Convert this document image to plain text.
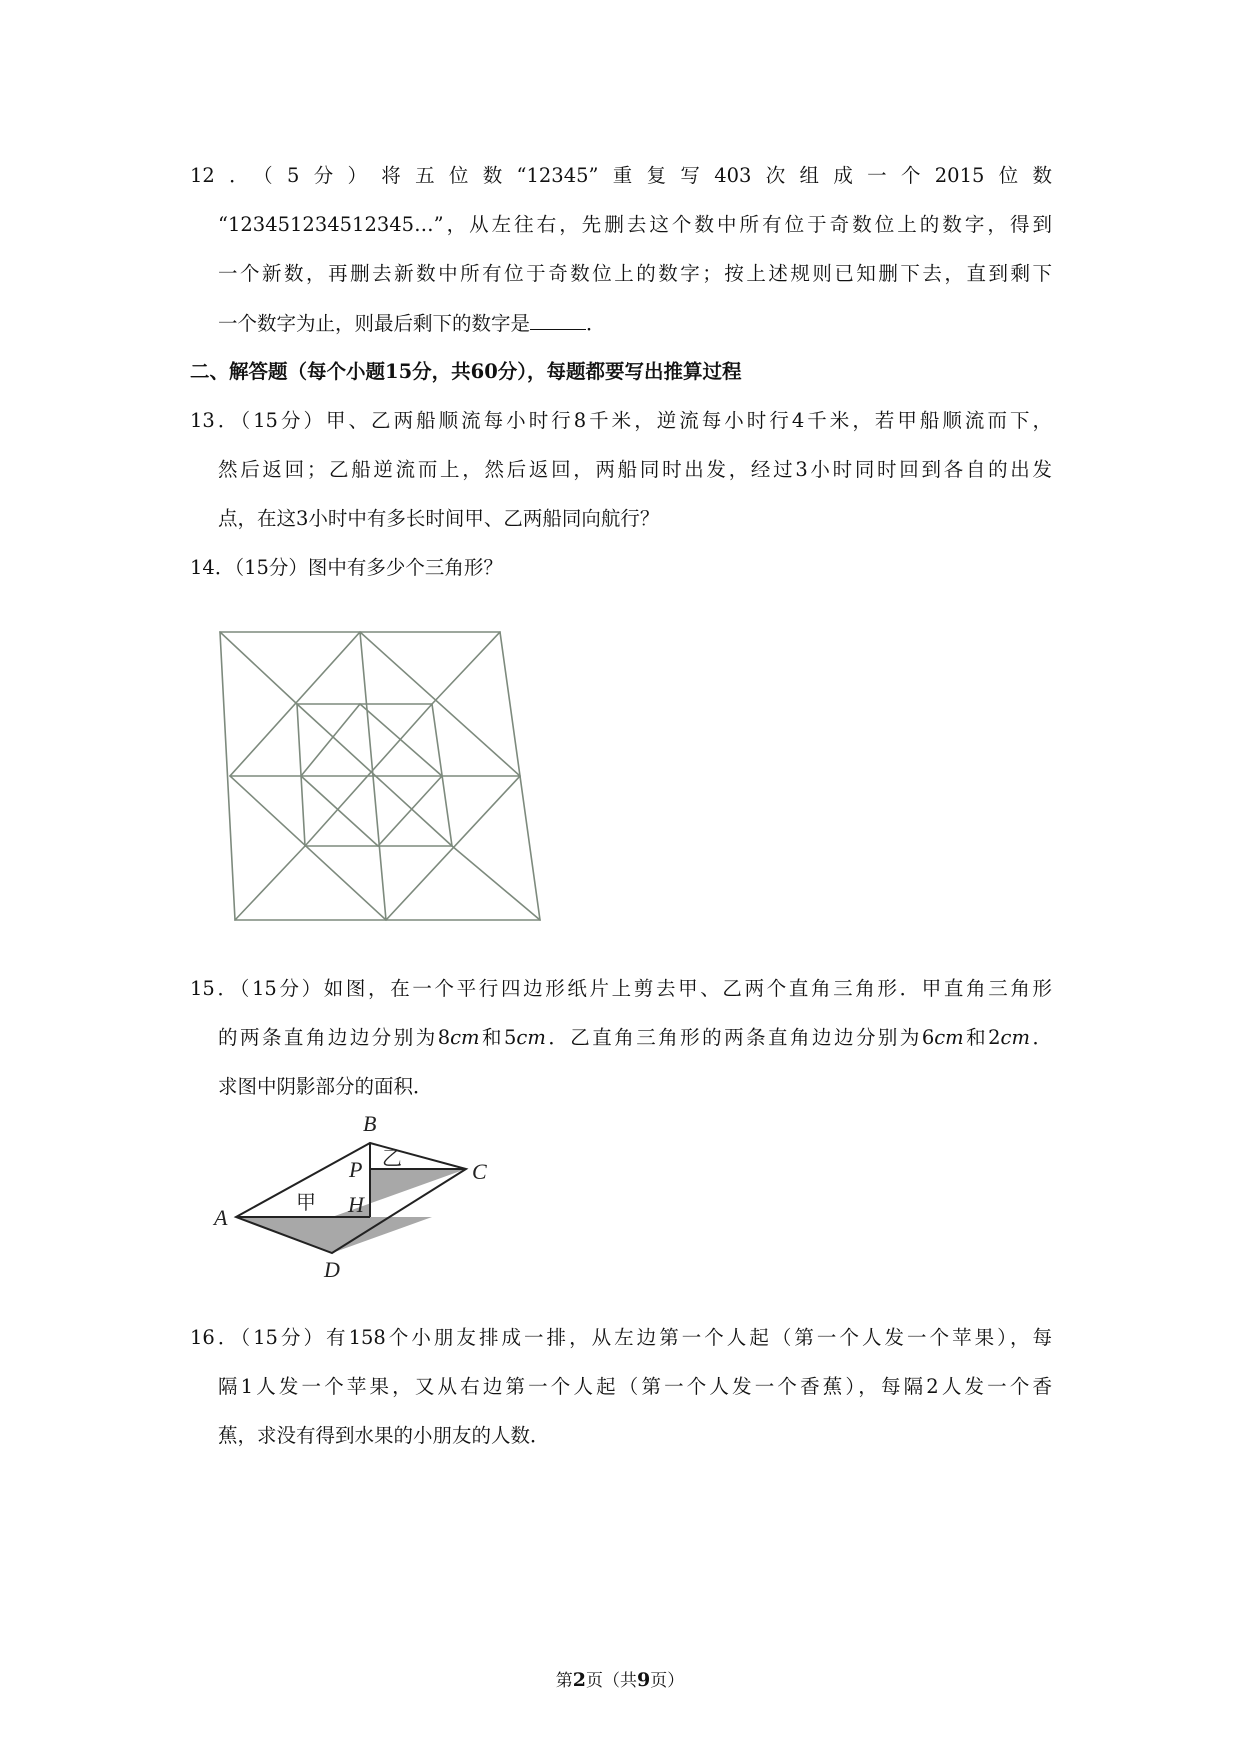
12．（5分）将五位数“12345”重复写403次组成一个2015位数
“123451234512345…”，从左往右，先删去这个数中所有位于奇数位上的数字，得到
一个新数，再删去新数中所有位于奇数位上的数字；按上述规则已知删下去，直到剩下
一个数字为止，则最后剩下的数字是	．
二、解答题（每个小题15分，共60分），每题都要写出推算过程
13．（15分）甲、乙两船顺流每小时行8千米，逆流每小时行4千米，若甲船顺流而下，
然后返回；乙船逆流而上，然后返回，两船同时出发，经过3小时同时回到各自的出发
点，在这3小时中有多长时间甲、乙两船同向航行？
14．（15分）图中有多少个三角形？
15．（15分）如图，在一个平行四边形纸片上剪去甲、乙两个直角三角形．甲直角三角形
的两条直角边边分别为8cm和5cm．乙直角三角形的两条直角边边分别为6cm和2cm．
求图中阴影部分的面积．
B
C
A
D
P
H
甲
乙
16．（15分）有158个小朋友排成一排，从左边第一个人起（第一个人发一个苹果），每
隔1人发一个苹果，又从右边第一个人起（第一个人发一个香蕉），每隔2人发一个香
蕉，求没有得到水果的小朋友的人数．
第2页（共9页）
